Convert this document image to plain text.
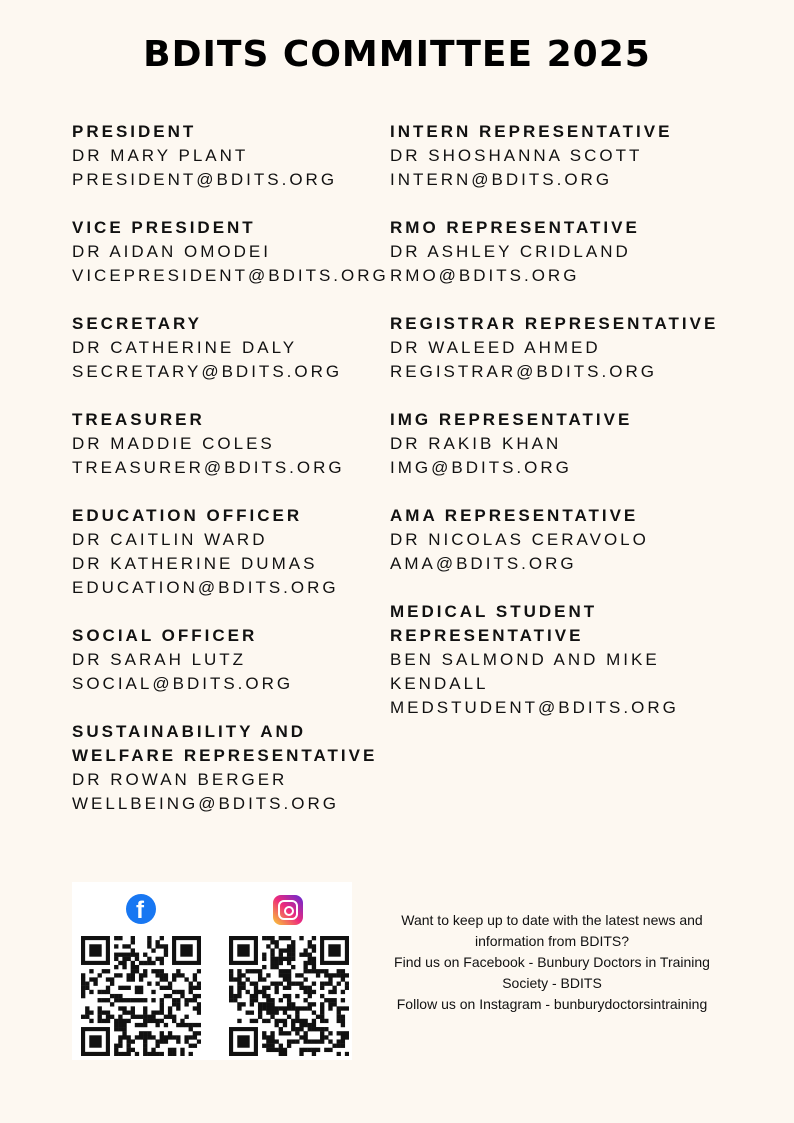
BDITS COMMITTEE 2025
PRESIDENT
DR MARY PLANT
PRESIDENT@BDITS.ORG
VICE PRESIDENT
DR AIDAN OMODEI
VICEPRESIDENT@BDITS.ORG
SECRETARY
DR CATHERINE DALY
SECRETARY@BDITS.ORG
TREASURER
DR MADDIE COLES
TREASURER@BDITS.ORG
EDUCATION OFFICER
DR CAITLIN WARD
DR KATHERINE DUMAS
EDUCATION@BDITS.ORG
SOCIAL OFFICER
DR SARAH LUTZ
SOCIAL@BDITS.ORG
SUSTAINABILITY AND WELFARE REPRESENTATIVE
DR ROWAN BERGER
WELLBEING@BDITS.ORG
INTERN REPRESENTATIVE
DR SHOSHANNA SCOTT
INTERN@BDITS.ORG
RMO REPRESENTATIVE
DR ASHLEY CRIDLAND
RMO@BDITS.ORG
REGISTRAR REPRESENTATIVE
DR WALEED AHMED
REGISTRAR@BDITS.ORG
IMG REPRESENTATIVE
DR RAKIB KHAN
IMG@BDITS.ORG
AMA REPRESENTATIVE
DR NICOLAS CERAVOLO
AMA@BDITS.ORG
MEDICAL STUDENT REPRESENTATIVE
BEN SALMOND AND MIKE KENDALL
MEDSTUDENT@BDITS.ORG
f	Want to keep up to date with the latest news and information from BDITS?
Find us on Facebook - Bunbury Doctors in Training Society - BDITS
Follow us on Instagram - bunburydoctorsintraining
